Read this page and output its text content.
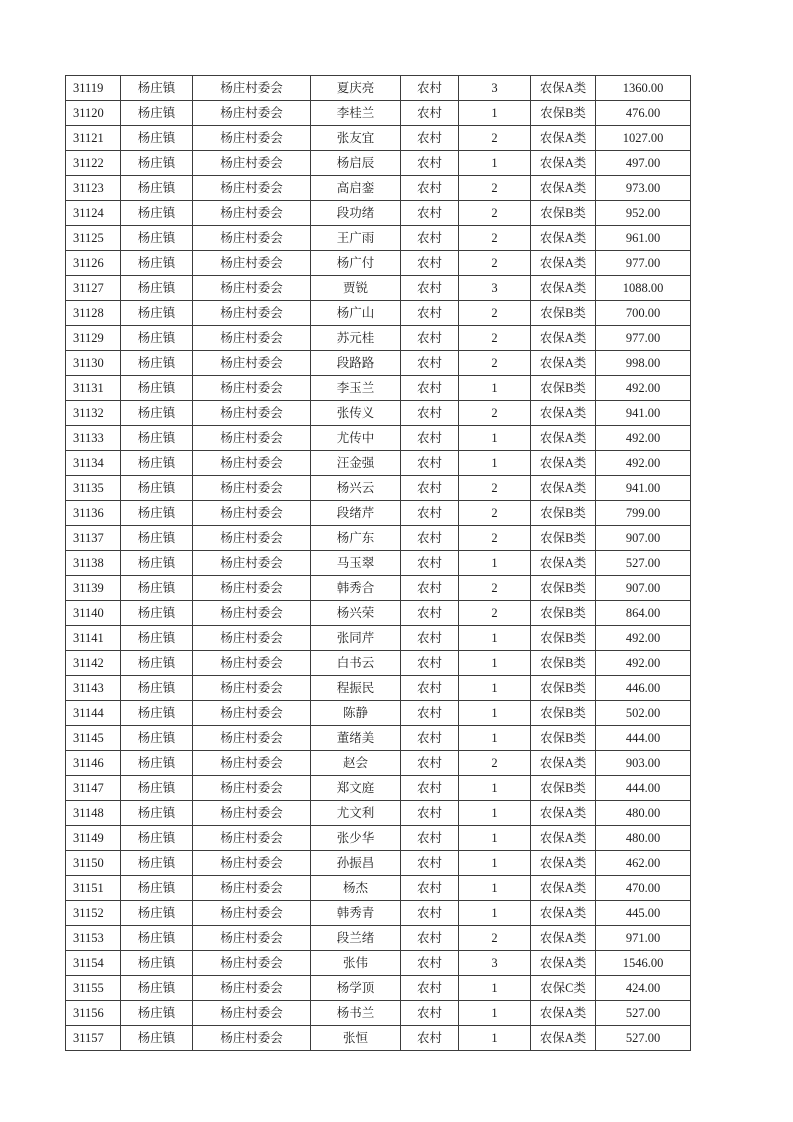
31119	杨庄镇	杨庄村委会	夏庆亮	农村	3	农保A类	1360.00
31120	杨庄镇	杨庄村委会	李桂兰	农村	1	农保B类	476.00
31121	杨庄镇	杨庄村委会	张友宜	农村	2	农保A类	1027.00
31122	杨庄镇	杨庄村委会	杨启辰	农村	1	农保A类	497.00
31123	杨庄镇	杨庄村委会	高启銮	农村	2	农保A类	973.00
31124	杨庄镇	杨庄村委会	段功绪	农村	2	农保B类	952.00
31125	杨庄镇	杨庄村委会	王广雨	农村	2	农保A类	961.00
31126	杨庄镇	杨庄村委会	杨广付	农村	2	农保A类	977.00
31127	杨庄镇	杨庄村委会	贾锐	农村	3	农保A类	1088.00
31128	杨庄镇	杨庄村委会	杨广山	农村	2	农保B类	700.00
31129	杨庄镇	杨庄村委会	苏元桂	农村	2	农保A类	977.00
31130	杨庄镇	杨庄村委会	段路路	农村	2	农保A类	998.00
31131	杨庄镇	杨庄村委会	李玉兰	农村	1	农保B类	492.00
31132	杨庄镇	杨庄村委会	张传义	农村	2	农保A类	941.00
31133	杨庄镇	杨庄村委会	尤传中	农村	1	农保A类	492.00
31134	杨庄镇	杨庄村委会	汪金强	农村	1	农保A类	492.00
31135	杨庄镇	杨庄村委会	杨兴云	农村	2	农保A类	941.00
31136	杨庄镇	杨庄村委会	段绪芹	农村	2	农保B类	799.00
31137	杨庄镇	杨庄村委会	杨广东	农村	2	农保B类	907.00
31138	杨庄镇	杨庄村委会	马玉翠	农村	1	农保A类	527.00
31139	杨庄镇	杨庄村委会	韩秀合	农村	2	农保B类	907.00
31140	杨庄镇	杨庄村委会	杨兴荣	农村	2	农保B类	864.00
31141	杨庄镇	杨庄村委会	张同芹	农村	1	农保B类	492.00
31142	杨庄镇	杨庄村委会	白书云	农村	1	农保B类	492.00
31143	杨庄镇	杨庄村委会	程振民	农村	1	农保B类	446.00
31144	杨庄镇	杨庄村委会	陈静	农村	1	农保B类	502.00
31145	杨庄镇	杨庄村委会	董绪美	农村	1	农保B类	444.00
31146	杨庄镇	杨庄村委会	赵会	农村	2	农保A类	903.00
31147	杨庄镇	杨庄村委会	郑文庭	农村	1	农保B类	444.00
31148	杨庄镇	杨庄村委会	尤文利	农村	1	农保A类	480.00
31149	杨庄镇	杨庄村委会	张少华	农村	1	农保A类	480.00
31150	杨庄镇	杨庄村委会	孙振昌	农村	1	农保A类	462.00
31151	杨庄镇	杨庄村委会	杨杰	农村	1	农保A类	470.00
31152	杨庄镇	杨庄村委会	韩秀青	农村	1	农保A类	445.00
31153	杨庄镇	杨庄村委会	段兰绪	农村	2	农保A类	971.00
31154	杨庄镇	杨庄村委会	张伟	农村	3	农保A类	1546.00
31155	杨庄镇	杨庄村委会	杨学顶	农村	1	农保C类	424.00
31156	杨庄镇	杨庄村委会	杨书兰	农村	1	农保A类	527.00
31157	杨庄镇	杨庄村委会	张恒	农村	1	农保A类	527.00
